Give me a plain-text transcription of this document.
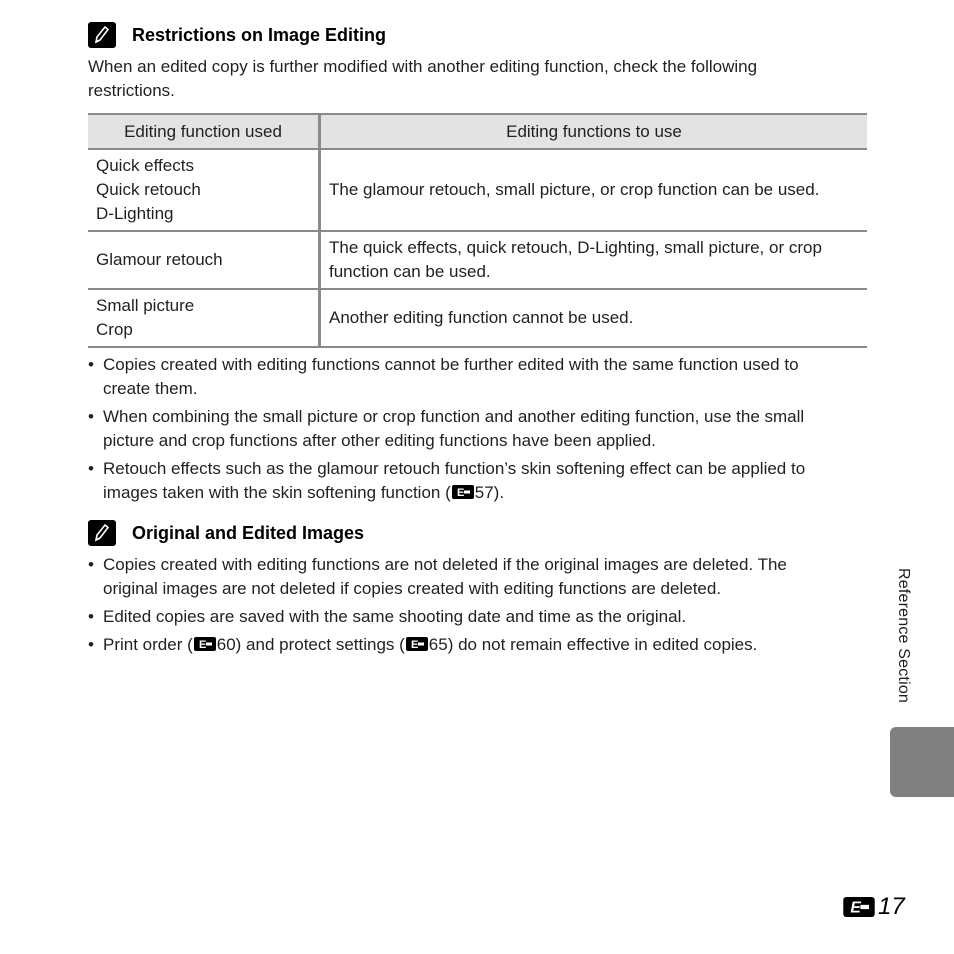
Restrictions on Image Editing
When an edited copy is further modified with another editing function, check the following
restrictions.
Editing function used	Editing functions to use

Quick effects
Quick retouch
D-Lighting	The glamour retouch, small picture, or crop function can be used.

Glamour retouch	The quick effects, quick retouch, D-Lighting, small picture, or crop
function can be used.

Small picture
Crop	Another editing function cannot be used.
• Copies created with editing functions cannot be further edited with the same function used to
create them.
• When combining the small picture or crop function and another editing function, use the small
picture and crop functions after other editing functions have been applied.
• Retouch effects such as the glamour retouch function’s skin softening effect can be applied to
images taken with the skin softening function ( E 57).
Original and Edited Images
• Copies created with editing functions are not deleted if the original images are deleted. The
original images are not deleted if copies created with editing functions are deleted.
• Edited copies are saved with the same shooting date and time as the original.
• Print order ( E 60) and protect settings ( E 65) do not remain effective in edited copies.	Reference Section
E 17
